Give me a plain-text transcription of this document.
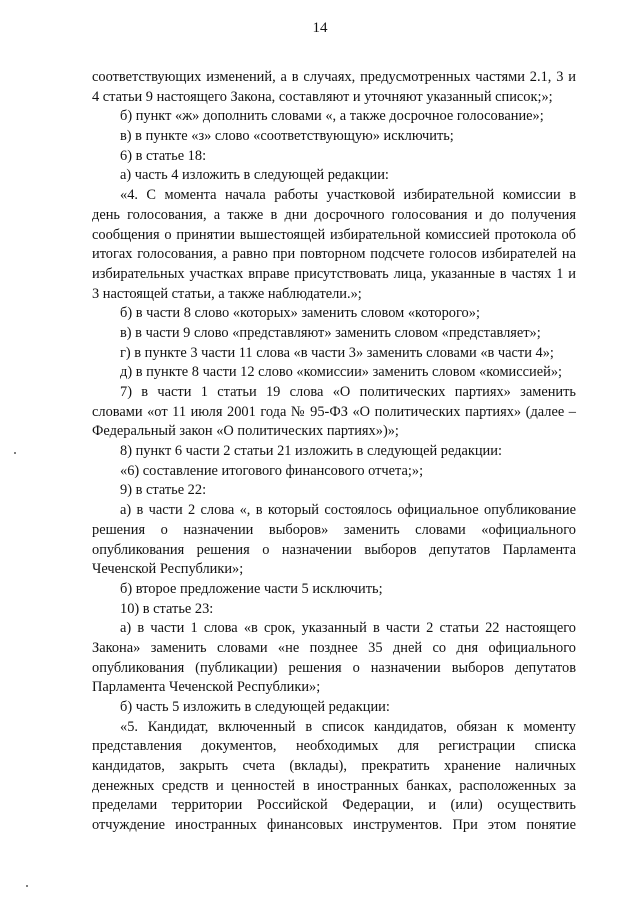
14
соответствующих изменений, а в случаях, предусмотренных частями 2.1, 3 и
4 статьи 9 настоящего Закона, составляют и уточняют указанный список;»;
б) пункт «ж» дополнить словами «, а также досрочное голосование»;
в) в пункте «з» слово «соответствующую» исключить;
6) в статье 18:
а) часть 4 изложить в следующей редакции:
«4. С момента начала работы участковой избирательной комиссии в
день голосования, а также в дни досрочного голосования и до получения
сообщения о принятии вышестоящей избирательной комиссией протокола об
итогах голосования, а равно при повторном подсчете голосов избирателей на
избирательных участках вправе присутствовать лица, указанные в частях 1 и
3 настоящей статьи, а также наблюдатели.»;
б) в части 8 слово «которых» заменить словом «которого»;
в) в части 9 слово «представляют» заменить словом «представляет»;
г) в пункте 3 части 11 слова «в части 3» заменить словами «в части 4»;
д) в пункте 8 части 12 слово «комиссии» заменить словом «комиссией»;
7) в части 1 статьи 19 слова «О политических партиях» заменить
словами «от 11 июля 2001 года № 95-ФЗ «О политических партиях» (далее –
Федеральный закон «О политических партиях»)»;
8) пункт 6 части 2 статьи 21 изложить в следующей редакции:
«6) составление итогового финансового отчета;»;
9) в статье 22:
а) в части 2 слова «, в который состоялось официальное опубликование
решения о назначении выборов» заменить словами «официального
опубликования решения о назначении выборов депутатов Парламента
Чеченской Республики»;
б) второе предложение части 5 исключить;
10) в статье 23:
а) в части 1 слова «в срок, указанный в части 2 статьи 22 настоящего
Закона» заменить словами «не позднее 35 дней со дня официального
опубликования (публикации) решения о назначении выборов депутатов
Парламента Чеченской Республики»;
б) часть 5 изложить в следующей редакции:
«5. Кандидат, включенный в список кандидатов, обязан к моменту
представления документов, необходимых для регистрации списка
кандидатов, закрыть счета (вклады), прекратить хранение наличных
денежных средств и ценностей в иностранных банках, расположенных за
пределами территории Российской Федерации, и (или) осуществить
отчуждение иностранных финансовых инструментов. При этом понятие
